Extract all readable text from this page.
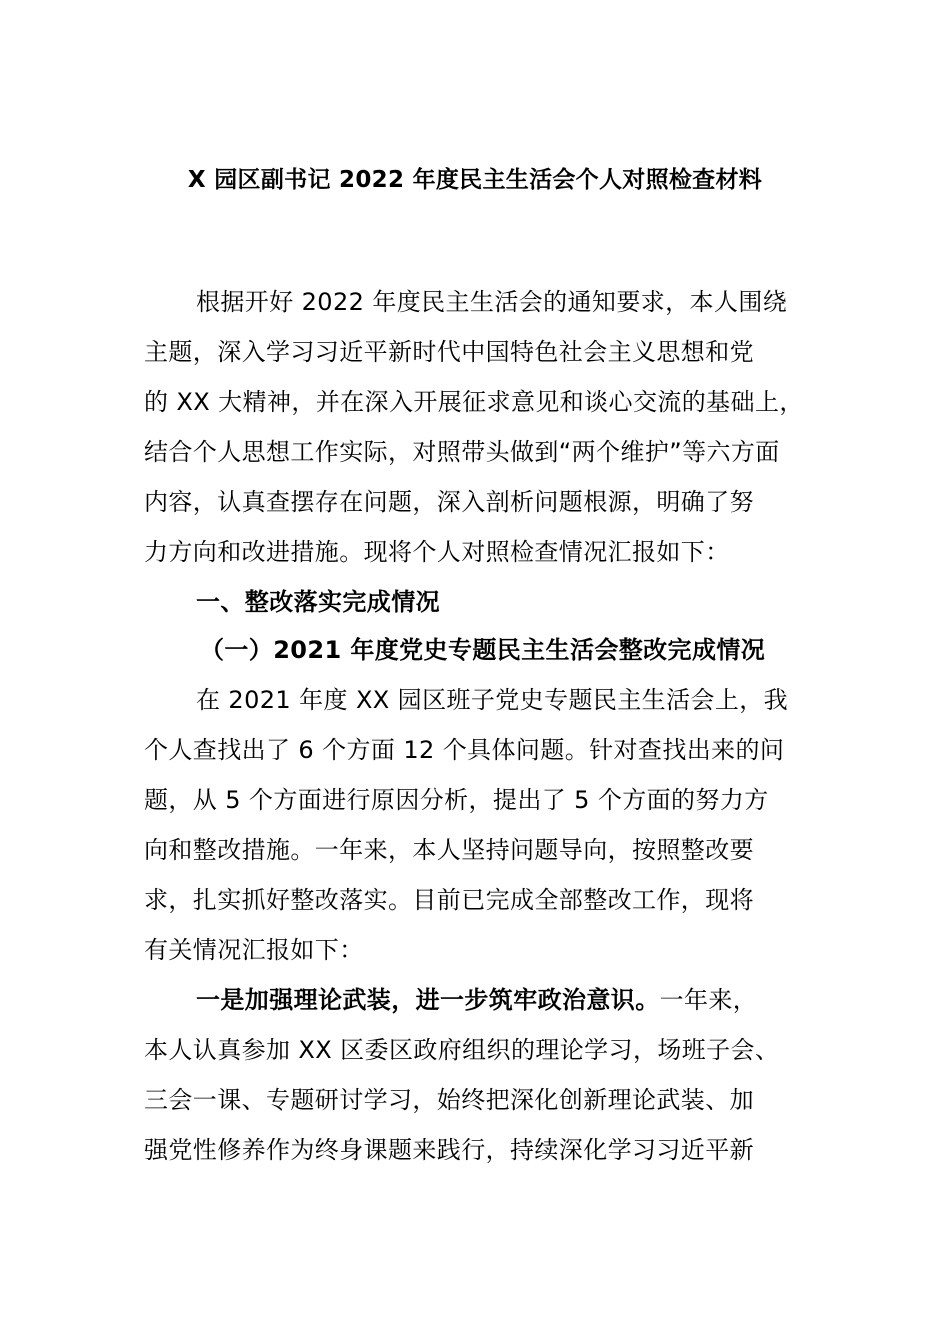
X 园区副书记 2022 年度民主生活会个人对照检查材料
根据开好 2022 年度民主生活会的通知要求，本人围绕
主题，深入学习习近平新时代中国特色社会主义思想和党
的 XX 大精神，并在深入开展征求意见和谈心交流的基础上，
结合个人思想工作实际，对照带头做到“两个维护”等六方面
内容，认真查摆存在问题，深入剖析问题根源，明确了努
力方向和改进措施。现将个人对照检查情况汇报如下：
一、整改落实完成情况
（一）2021 年度党史专题民主生活会整改完成情况
在 2021 年度 XX 园区班子党史专题民主生活会上，我
个人查找出了 6 个方面 12 个具体问题。针对查找出来的问
题，从 5 个方面进行原因分析，提出了 5 个方面的努力方
向和整改措施。一年来，本人坚持问题导向，按照整改要
求，扎实抓好整改落实。目前已完成全部整改工作，现将
有关情况汇报如下：
一是加强理论武装，进一步筑牢政治意识。一年来，
本人认真参加 XX 区委区政府组织的理论学习，场班子会、
三会一课、专题研讨学习，始终把深化创新理论武装、加
强党性修养作为终身课题来践行，持续深化学习习近平新
